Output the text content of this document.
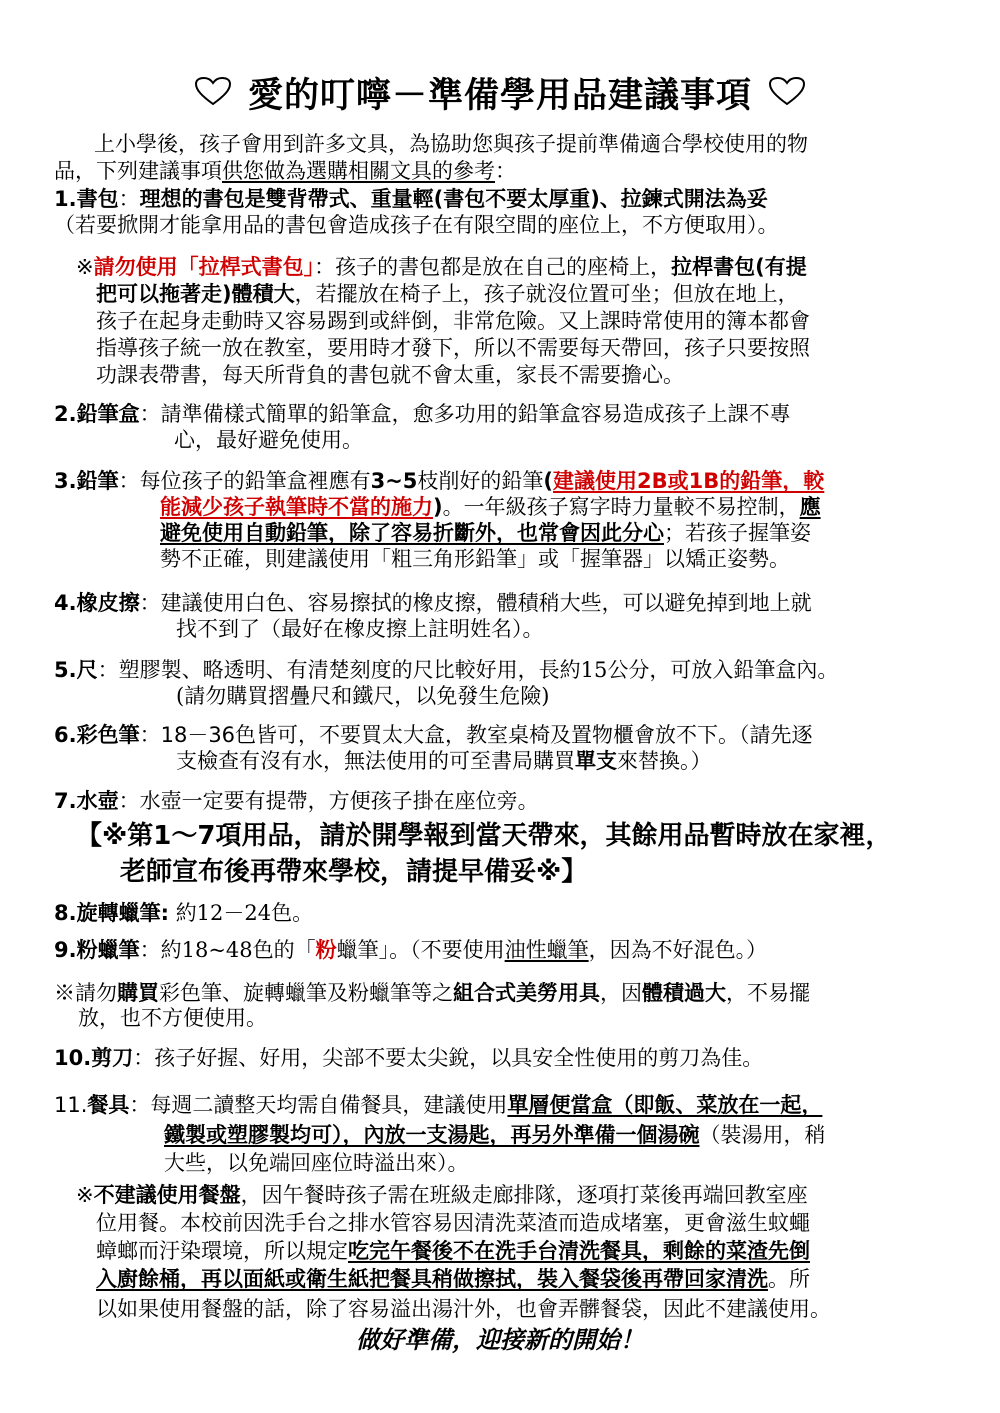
愛的叮嚀－準備學用品建議事項
上小學後，孩子會用到許多文具，為協助您與孩子提前準備適合學校使用的物
品，下列建議事項供您做為選購相關文具的參考：
1.書包：理想的書包是雙背帶式、重量輕(書包不要太厚重)、拉鍊式開法為妥
（若要掀開才能拿用品的書包會造成孩子在有限空間的座位上，不方便取用）。
※請勿使用「拉桿式書包」：孩子的書包都是放在自己的座椅上，拉桿書包(有提
把可以拖著走)體積大，若擺放在椅子上，孩子就沒位置可坐；但放在地上，
孩子在起身走動時又容易踢到或絆倒，非常危險。又上課時常使用的簿本都會
指導孩子統一放在教室，要用時才發下，所以不需要每天帶回，孩子只要按照
功課表帶書，每天所背負的書包就不會太重，家長不需要擔心。
2.鉛筆盒：請準備樣式簡單的鉛筆盒，愈多功用的鉛筆盒容易造成孩子上課不專
心，最好避免使用。
3.鉛筆：每位孩子的鉛筆盒裡應有3~5枝削好的鉛筆(建議使用2B或1B的鉛筆，較
能減少孩子執筆時不當的施力)。一年級孩子寫字時力量較不易控制，應
避免使用自動鉛筆，除了容易折斷外，也常會因此分心；若孩子握筆姿
勢不正確，則建議使用「粗三角形鉛筆」或「握筆器」以矯正姿勢。
4.橡皮擦：建議使用白色、容易擦拭的橡皮擦，體積稍大些，可以避免掉到地上就
找不到了（最好在橡皮擦上註明姓名）。
5.尺：塑膠製、略透明、有清楚刻度的尺比較好用，長約15公分，可放入鉛筆盒內。
(請勿購買摺疊尺和鐵尺，以免發生危險)
6.彩色筆：18－36色皆可，不要買太大盒，教室桌椅及置物櫃會放不下。（請先逐
支檢查有沒有水，無法使用的可至書局購買單支來替換。）
7.水壺：水壺一定要有提帶，方便孩子掛在座位旁。
【※第1～7項用品，請於開學報到當天帶來，其餘用品暫時放在家裡，
老師宣布後再帶來學校，請提早備妥※】
8.旋轉蠟筆: 約12－24色。
9.粉蠟筆：約18~48色的「粉蠟筆」。（不要使用油性蠟筆，因為不好混色。）
※請勿購買彩色筆、旋轉蠟筆及粉蠟筆等之組合式美勞用具，因體積過大，不易擺
放，也不方便使用。
10.剪刀：孩子好握、好用，尖部不要太尖銳，以具安全性使用的剪刀為佳。
11.餐具：每週二讀整天均需自備餐具，建議使用單層便當盒（即飯、菜放在一起，
鐵製或塑膠製均可），內放一支湯匙，再另外準備一個湯碗（裝湯用，稍
大些，以免端回座位時溢出來）。
※不建議使用餐盤，因午餐時孩子需在班級走廊排隊，逐項打菜後再端回教室座
位用餐。本校前因洗手台之排水管容易因清洗菜渣而造成堵塞，更會滋生蚊蠅
蟑螂而汙染環境，所以規定吃完午餐後不在洗手台清洗餐具，剩餘的菜渣先倒
入廚餘桶，再以面紙或衛生紙把餐具稍做擦拭，裝入餐袋後再帶回家清洗。所
以如果使用餐盤的話，除了容易溢出湯汁外，也會弄髒餐袋，因此不建議使用。
做好準備，迎接新的開始！
